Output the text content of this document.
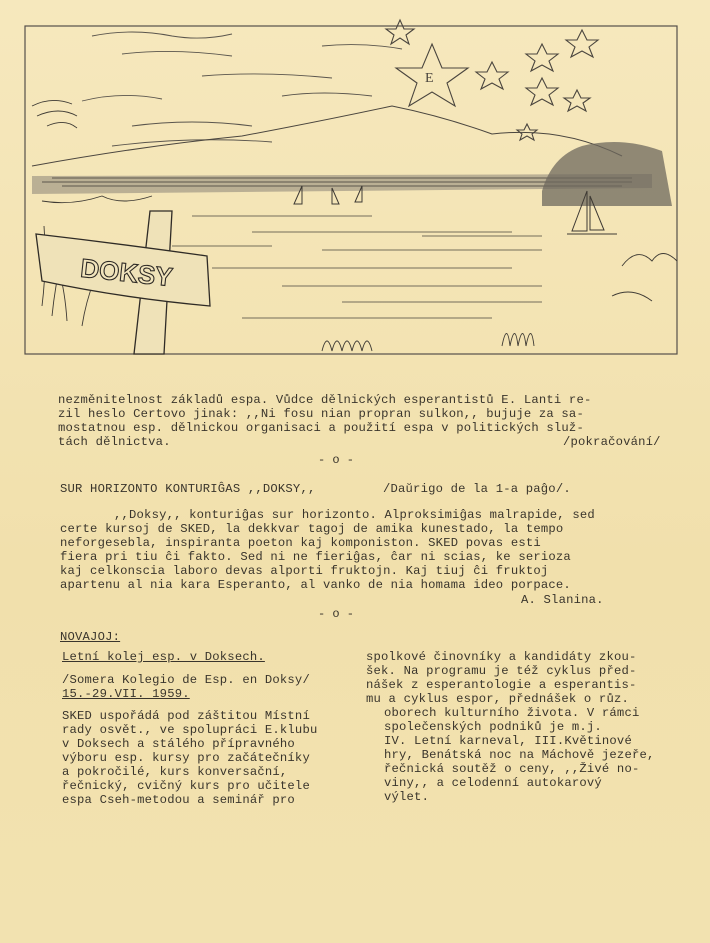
E
DOKSY
nezměnitelnost základů espa. Vůdce dělnických esperantistů E. Lanti re-
zil heslo Certovo jinak: ,,Ni fosu nian propran sulkon,, bujuje za sa-
mostatnou esp. dělnickou organisaci a použití espa v politických služ-
tách dělnictva.	/pokračování/
- o -
SUR HORIZONTO KONTURIĜAS ,,DOKSY,,	/Daŭrigo de la 1-a paĝo/.
,,Doksy,, konturiĝas sur horizonto. Alproksimiĝas malrapide, sed
certe kursoj de SKED, la dekkvar tagoj de amika kunestado, la tempo
neforgesebla, inspiranta poeton kaj komponiston. SKED povas esti
fiera pri tiu ĉi fakto. Sed ni ne fieriĝas, ĉar ni scias, ke serioza
kaj celkonscia laboro devas alporti fruktojn. Kaj tiuj ĉi fruktoj
apartenu al nia kara Esperanto, al vanko de nia homama ideo porpace.
A. Slanina.
- o -
NOVAJOJ:
Letní kolej esp. v Doksech.
/Somera Kolegio de Esp. en Doksy/
15.-29.VII. 1959.
SKED uspořádá pod záštitou Místní
rady osvět., ve spolupráci E.klubu
v Doksech a stálého přípravného
výboru esp. kursy pro začátečníky
a pokročilé, kurs konversační,
řečnický, cvičný kurs pro učitele
espa Cseh-metodou a seminář pro
spolkové činovníky a kandidáty zkou-
šek. Na programu je též cyklus před-
nášek z esperantologie a esperantis-
mu a cyklus espor, přednášek o růz.
oborech kulturního života. V rámci
společenských podniků je m.j.
IV. Letní karneval, III.Květinové
hry, Benátská noc na Máchově jezeře,
řečnická soutěž o ceny, ,,Živé no-
viny,, a celodenní autokarový
výlet.
